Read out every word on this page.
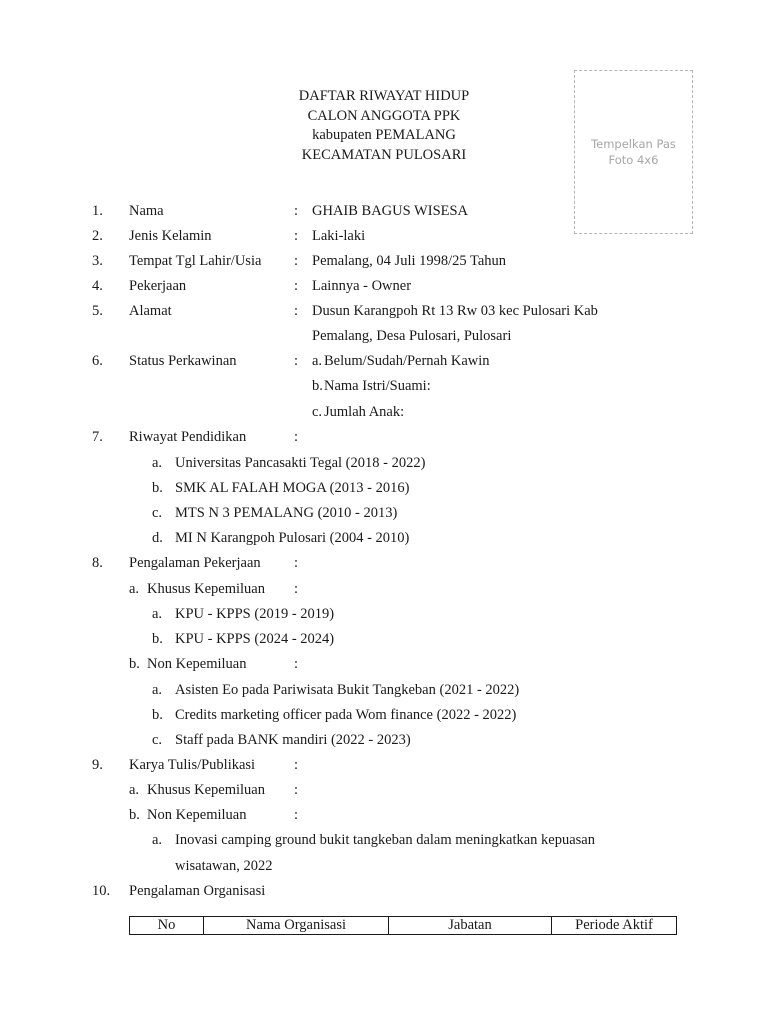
DAFTAR RIWAYAT HIDUP
CALON ANGGOTA PPK
kabupaten PEMALANG
KECAMATAN PULOSARI
Tempelkan Pas
Foto 4x6
1. Nama	: GHAIB BAGUS WISESA
2. Jenis Kelamin	: Laki-laki
3. Tempat Tgl Lahir/Usia : Pemalang, 04 Juli 1998/25 Tahun
4. Pekerjaan	: Lainnya - Owner
5. Alamat	: Dusun Karangpoh Rt 13 Rw 03 kec Pulosari Kab
Pemalang, Desa Pulosari, Pulosari
6. Status Perkawinan	: a. Belum/Sudah/Pernah Kawin
b. Nama Istri/Suami:
c. Jumlah Anak:
7. Riwayat Pendidikan	:
a. Universitas Pancasakti Tegal (2018 - 2022)
b. SMK AL FALAH MOGA (2013 - 2016)
c. MTS N 3 PEMALANG (2010 - 2013)
d. MI N Karangpoh Pulosari (2004 - 2010)
8. Pengalaman Pekerjaan :
a. Khusus Kepemiluan :
a. KPU - KPPS (2019 - 2019)
b. KPU - KPPS (2024 - 2024)
b. Non Kepemiluan	:
a. Asisten Eo pada Pariwisata Bukit Tangkeban (2021 - 2022)
b. Credits marketing officer pada Wom finance (2022 - 2022)
c. Staff pada BANK mandiri (2022 - 2023)
9. Karya Tulis/Publikasi	:
a. Khusus Kepemiluan :
b. Non Kepemiluan	:
a. Inovasi camping ground bukit tangkeban dalam meningkatkan kepuasan
wisatawan, 2022
10. Pengalaman Organisasi
No	Nama Organisasi	Jabatan	Periode Aktif
